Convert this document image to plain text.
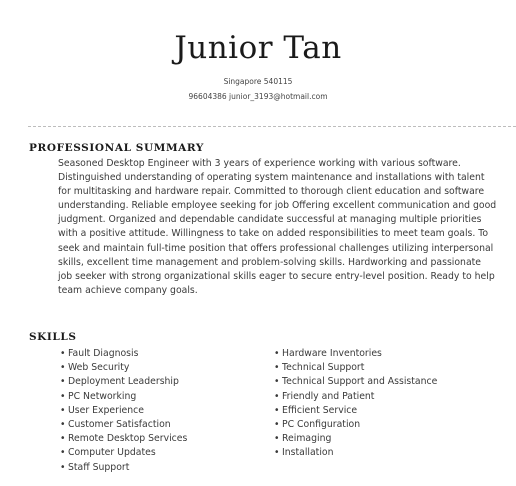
Junior Tan
Singapore 540115
96604386 junior_3193@hotmail.com
PROFESSIONAL SUMMARY
Seasoned Desktop Engineer with 3 years of experience working with various software. Distinguished understanding of operating system maintenance and installations with talent for multitasking and hardware repair. Committed to thorough client education and software understanding. Reliable employee seeking for job Offering excellent communication and good judgment. Organized and dependable candidate successful at managing multiple priorities with a positive attitude. Willingness to take on added responsibilities to meet team goals. To seek and maintain full-time position that offers professional challenges utilizing interpersonal skills, excellent time management and problem-solving skills. Hardworking and passionate job seeker with strong organizational skills eager to secure entry-level position. Ready to help team achieve company goals.
SKILLS
• Fault Diagnosis
• Web Security
• Deployment Leadership
• PC Networking
• User Experience
• Customer Satisfaction
• Remote Desktop Services
• Computer Updates
• Staff Support
• Hardware Inventories
• Technical Support
• Technical Support and Assistance
• Friendly and Patient
• Efficient Service
• PC Configuration
• Reimaging
• Installation
